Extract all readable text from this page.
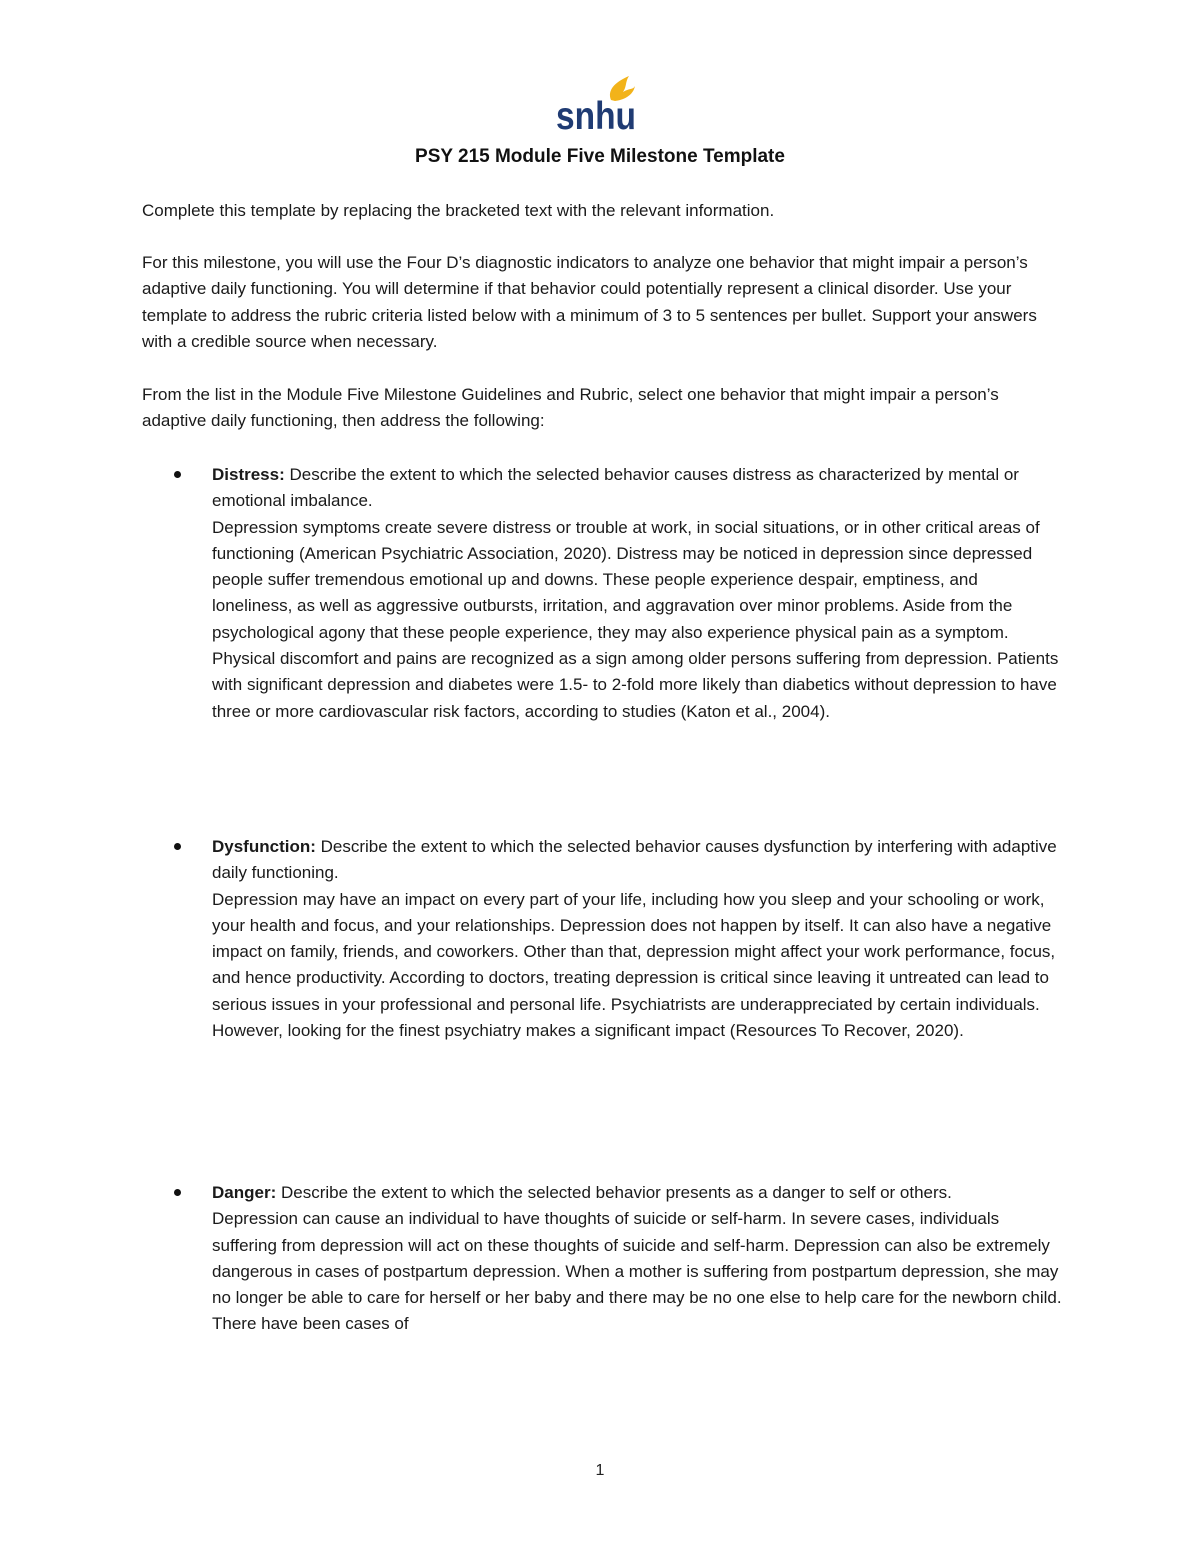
snhu
PSY 215 Module Five Milestone Template

Complete this template by replacing the bracketed text with the relevant information.

For this milestone, you will use the Four D’s diagnostic indicators to analyze one behavior that might impair a person’s adaptive daily functioning. You will determine if that behavior could potentially represent a clinical disorder. Use your template to address the rubric criteria listed below with a minimum of 3 to 5 sentences per bullet. Support your answers with a credible source when necessary.

From the list in the Module Five Milestone Guidelines and Rubric, select one behavior that might impair a person’s adaptive daily functioning, then address the following:

Distress: Describe the extent to which the selected behavior causes distress as characterized by mental or emotional imbalance.

Depression symptoms create severe distress or trouble at work, in social situations, or in other critical areas of functioning (American Psychiatric Association, 2020). Distress may be noticed in depression since depressed people suffer tremendous emotional up and downs. These people experience despair, emptiness, and loneliness, as well as aggressive outbursts, irritation, and aggravation over minor problems. Aside from the psychological agony that these people experience, they may also experience physical pain as a symptom. Physical discomfort and pains are recognized as a sign among older persons suffering from depression. Patients with significant depression and diabetes were 1.5- to 2-fold more likely than diabetics without depression to have three or more cardiovascular risk factors, according to studies (Katon et al., 2004).

Dysfunction: Describe the extent to which the selected behavior causes dysfunction by interfering with adaptive daily functioning.

Depression may have an impact on every part of your life, including how you sleep and your schooling or work, your health and focus, and your relationships. Depression does not happen by itself. It can also have a negative impact on family, friends, and coworkers. Other than that, depression might affect your work performance, focus, and hence productivity. According to doctors, treating depression is critical since leaving it untreated can lead to serious issues in your professional and personal life. Psychiatrists are underappreciated by certain individuals. However, looking for the finest psychiatry makes a significant impact (Resources To Recover, 2020).

Danger: Describe the extent to which the selected behavior presents as a danger to self or others.

Depression can cause an individual to have thoughts of suicide or self-harm. In severe cases, individuals suffering from depression will act on these thoughts of suicide and self-harm. Depression can also be extremely dangerous in cases of postpartum depression. When a mother is suffering from postpartum depression, she may no longer be able to care for herself or her baby and there may be no one else to help care for the newborn child. There have been cases of

1
